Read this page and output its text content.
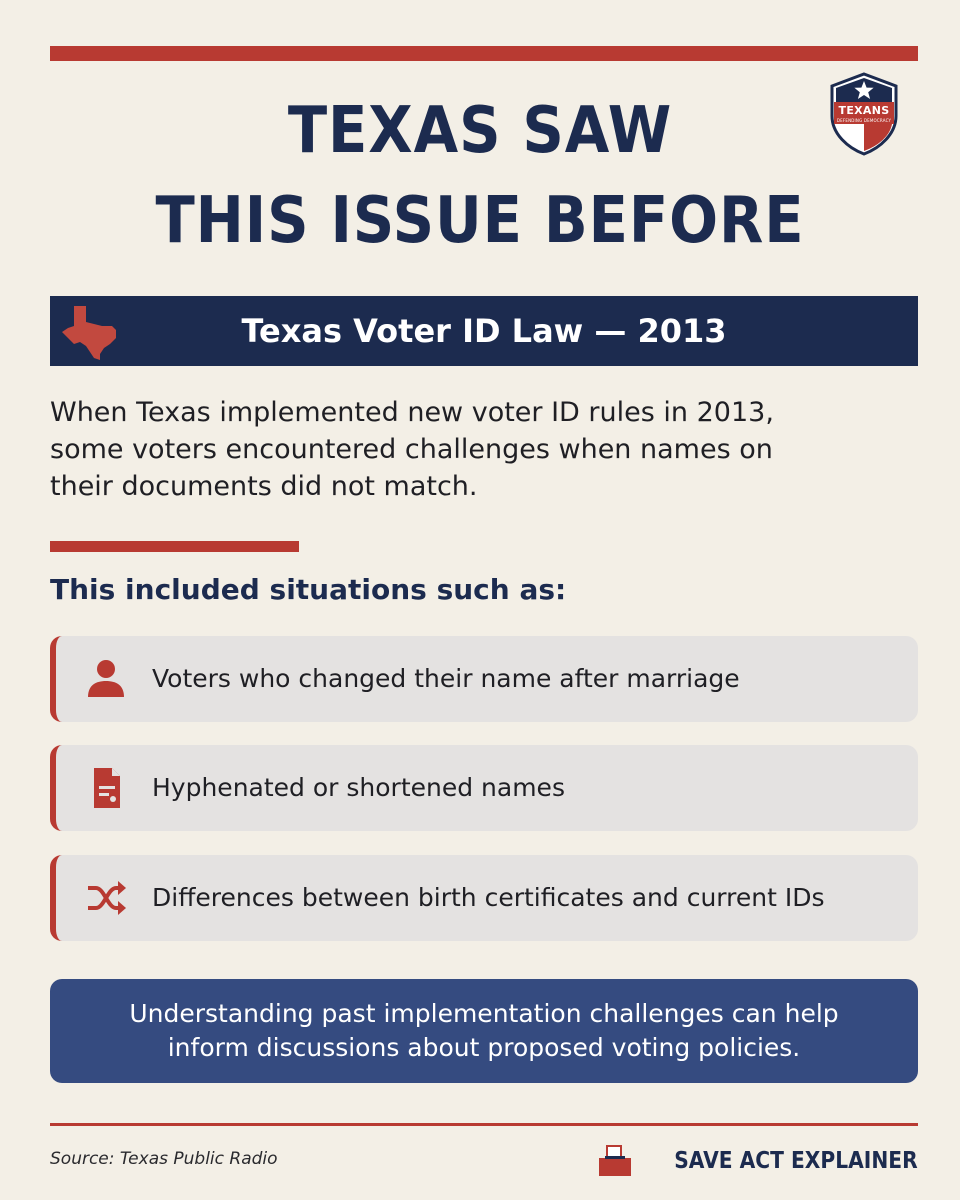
TEXANS
DEFENDING DEMOCRACY
TEXAS SAW
THIS ISSUE BEFORE
Texas Voter ID Law — 2013
When Texas implemented new voter ID rules in 2013,
some voters encountered challenges when names on
their documents did not match.
This included situations such as:
Voters who changed their name after marriage
Hyphenated or shortened names
Differences between birth certificates and current IDs
Understanding past implementation challenges can help
inform discussions about proposed voting policies.
Source: Texas Public Radio	SAVE ACT EXPLAINER
